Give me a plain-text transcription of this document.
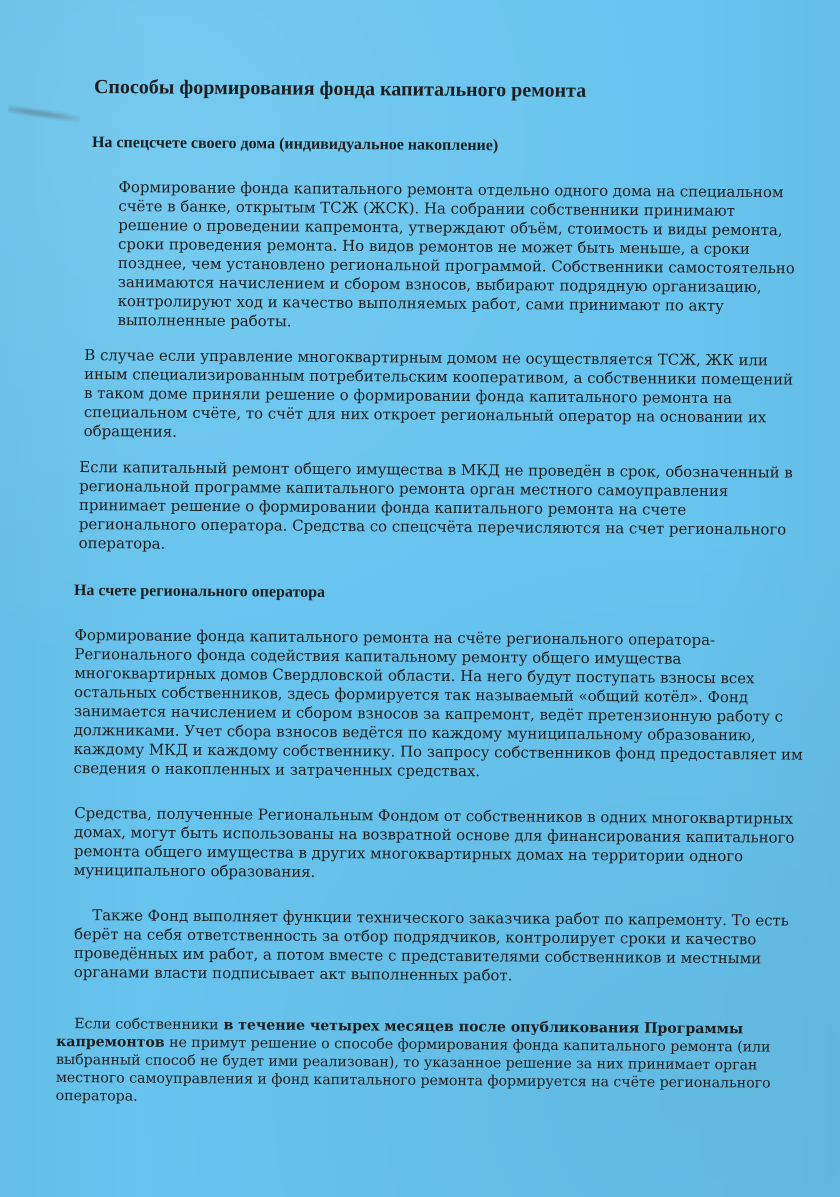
Способы формирования фонда капитального ремонта
На спецсчете своего дома (индивидуальное накопление)

Формирование фонда капитального ремонта отдельно одного дома на специальном счёте в банке, открытым ТСЖ (ЖСК). На собрании собственники принимают решение о проведении капремонта, утверждают объём, стоимость и виды ремонта, сроки проведения ремонта. Но видов ремонтов не может быть меньше, а сроки позднее, чем установлено региональной программой. Собственники самостоятельно занимаются начислением и сбором взносов, выбирают подрядную организацию, контролируют ход и качество выполняемых работ, сами принимают по акту выполненные работы.

В случае если управление многоквартирным домом не осуществляется ТСЖ, ЖК или иным специализированным потребительским кооперативом, а собственники помещений в таком доме приняли решение о формировании фонда капитального ремонта на специальном счёте, то счёт для них откроет региональный оператор на основании их обращения.

Если капитальный ремонт общего имущества в МКД не проведён в срок, обозначенный в региональной программе капитального ремонта орган местного самоуправления принимает решение о формировании фонда капитального ремонта на счете регионального оператора. Средства со спецсчёта перечисляются на счет регионального оператора.

На счете регионального оператора

Формирование фонда капитального ремонта на счёте регионального оператора-Регионального фонда содействия капитальному ремонту общего имущества многоквартирных домов Свердловской области. На него будут поступать взносы всех остальных собственников, здесь формируется так называемый «общий котёл». Фонд занимается начислением и сбором взносов за капремонт, ведёт претензионную работу с должниками. Учет сбора взносов ведётся по каждому муниципальному образованию, каждому МКД и каждому собственнику. По запросу собственников фонд предоставляет им сведения о накопленных и затраченных средствах.

Средства, полученные Региональным Фондом от собственников в одних многоквартирных домах, могут быть использованы на возвратной основе для финансирования капитального ремонта общего имущества в других многоквартирных домах на территории одного муниципального образования.

Также Фонд выполняет функции технического заказчика работ по капремонту. То есть берёт на себя ответственность за отбор подрядчиков, контролирует сроки и качество проведённых им работ, а потом вместе с представителями собственников и местными органами власти подписывает акт выполненных работ.

Если собственники в течение четырех месяцев после опубликования Программы капремонтов не примут решение о способе формирования фонда капитального ремонта (или выбранный способ не будет ими реализован), то указанное решение за них принимает орган местного самоуправления и фонд капитального ремонта формируется на счёте регионального оператора.
